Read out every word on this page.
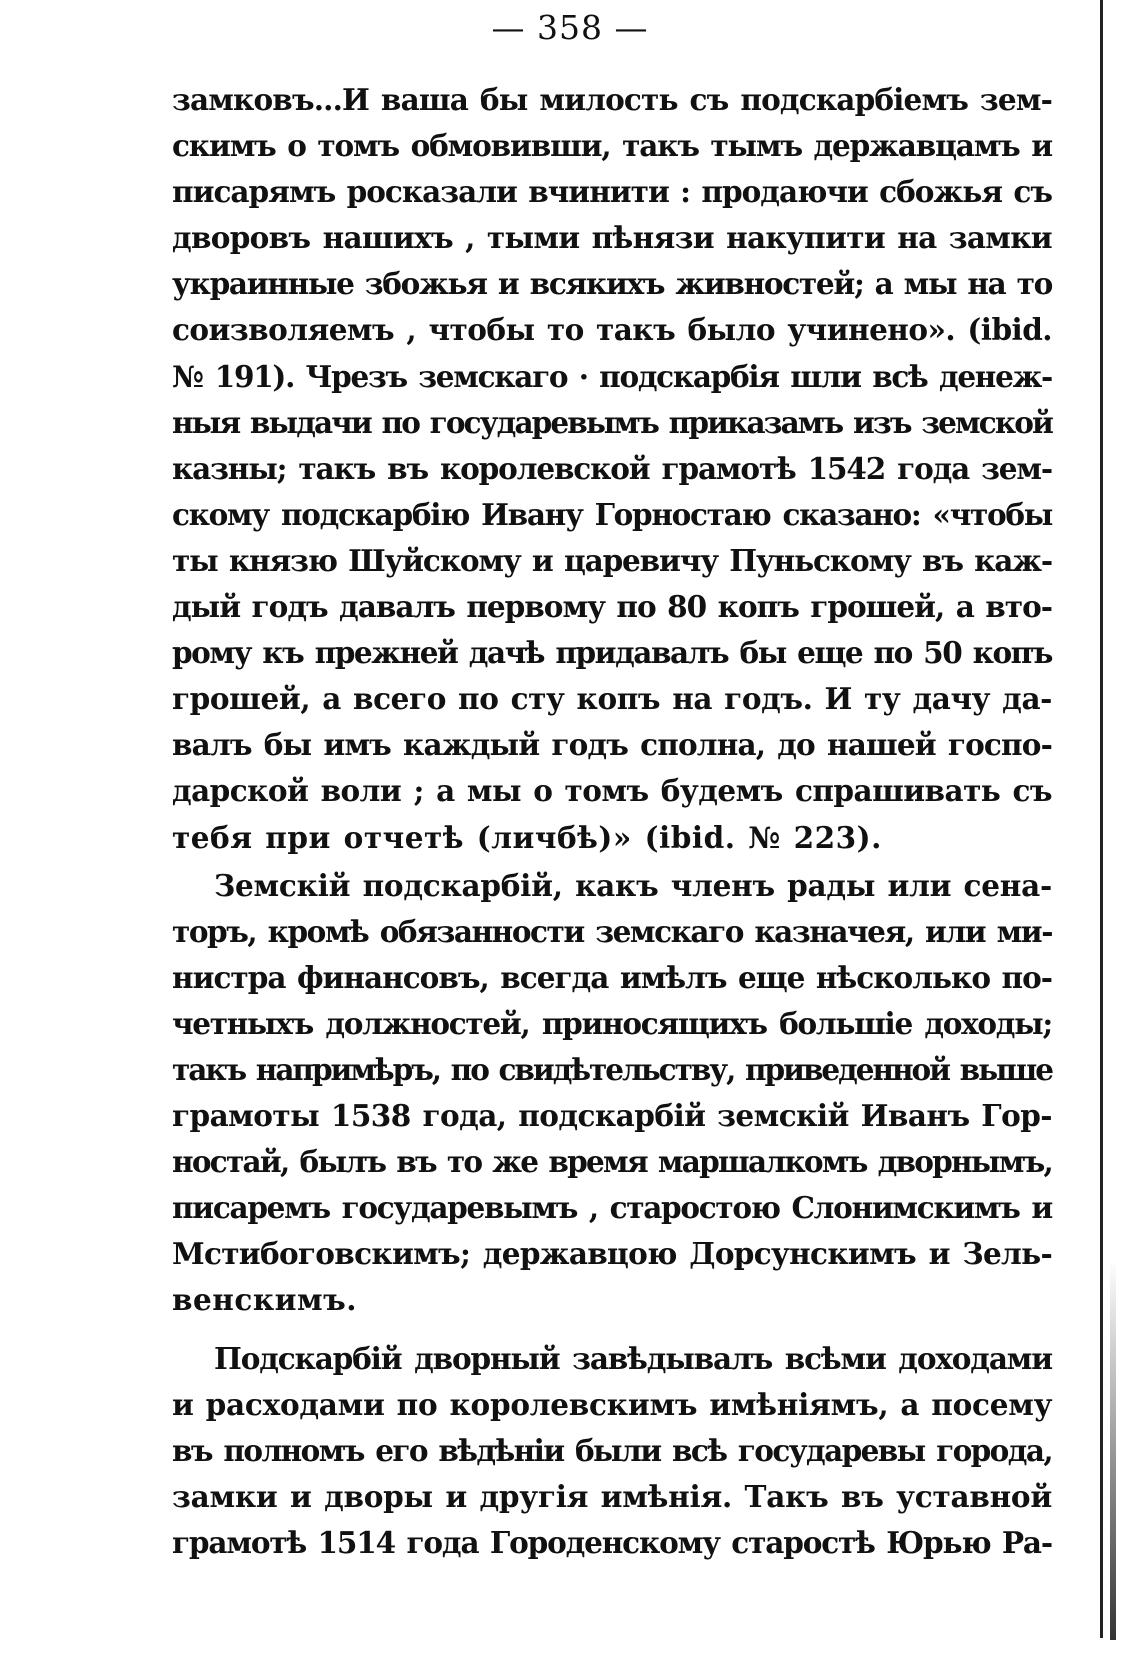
— 358 —
замковъ...И ваша бы милость съ подскарбіемъ зем-
скимъ о томъ обмовивши, такъ тымъ державцамъ и
писарямъ росказали вчинити : продаючи сбожья съ
дворовъ нашихъ , тыми пѣнязи накупити на замки
украинные збожья и всякихъ живностей; а мы на то
соизволяемъ , чтобы то такъ было учинено». (ibid.
№ 191). Чрезъ земскаго · подскарбія шли всѣ денеж-
ныя выдачи по государевымъ приказамъ изъ земской
казны; такъ въ королевской грамотѣ 1542 года зем-
скому подскарбію Ивану Горностаю сказано: «чтобы
ты князю Шуйскому и царевичу Пуньскому въ каж-
дый годъ давалъ первому по 80 копъ грошей, а вто-
рому къ прежней дачѣ придавалъ бы еще по 50 копъ
грошей, а всего по сту копъ на годъ. И ту дачу да-
валъ бы имъ каждый годъ сполна, до нашей госпо-
дарской воли ; а мы о томъ будемъ спрашивать съ
тебя при отчетѣ (личбѣ)» (ibid. № 223).
Земскій подскарбій, какъ членъ рады или сена-
торъ, кромѣ обязанности земскаго казначея, или ми-
нистра финансовъ, всегда имѣлъ еще нѣсколько по-
четныхъ должностей, приносящихъ большіе доходы;
такъ напримѣръ, по свидѣтельству, приведенной выше
грамоты 1538 года, подскарбій земскій Иванъ Гор-
ностай, былъ въ то же время маршалкомъ дворнымъ,
писаремъ государевымъ , старостою Слонимскимъ и
Мстибоговскимъ; державцою Дорсунскимъ и Зель-
венскимъ.
Подскарбій дворный завѣдывалъ всѣми доходами
и расходами по королевскимъ имѣніямъ, а посему
въ полномъ его вѣдѣніи были всѣ государевы города,
замки и дворы и другія имѣнія. Такъ въ уставной
грамотѣ 1514 года Городенскому старостѣ Юрью Ра-
